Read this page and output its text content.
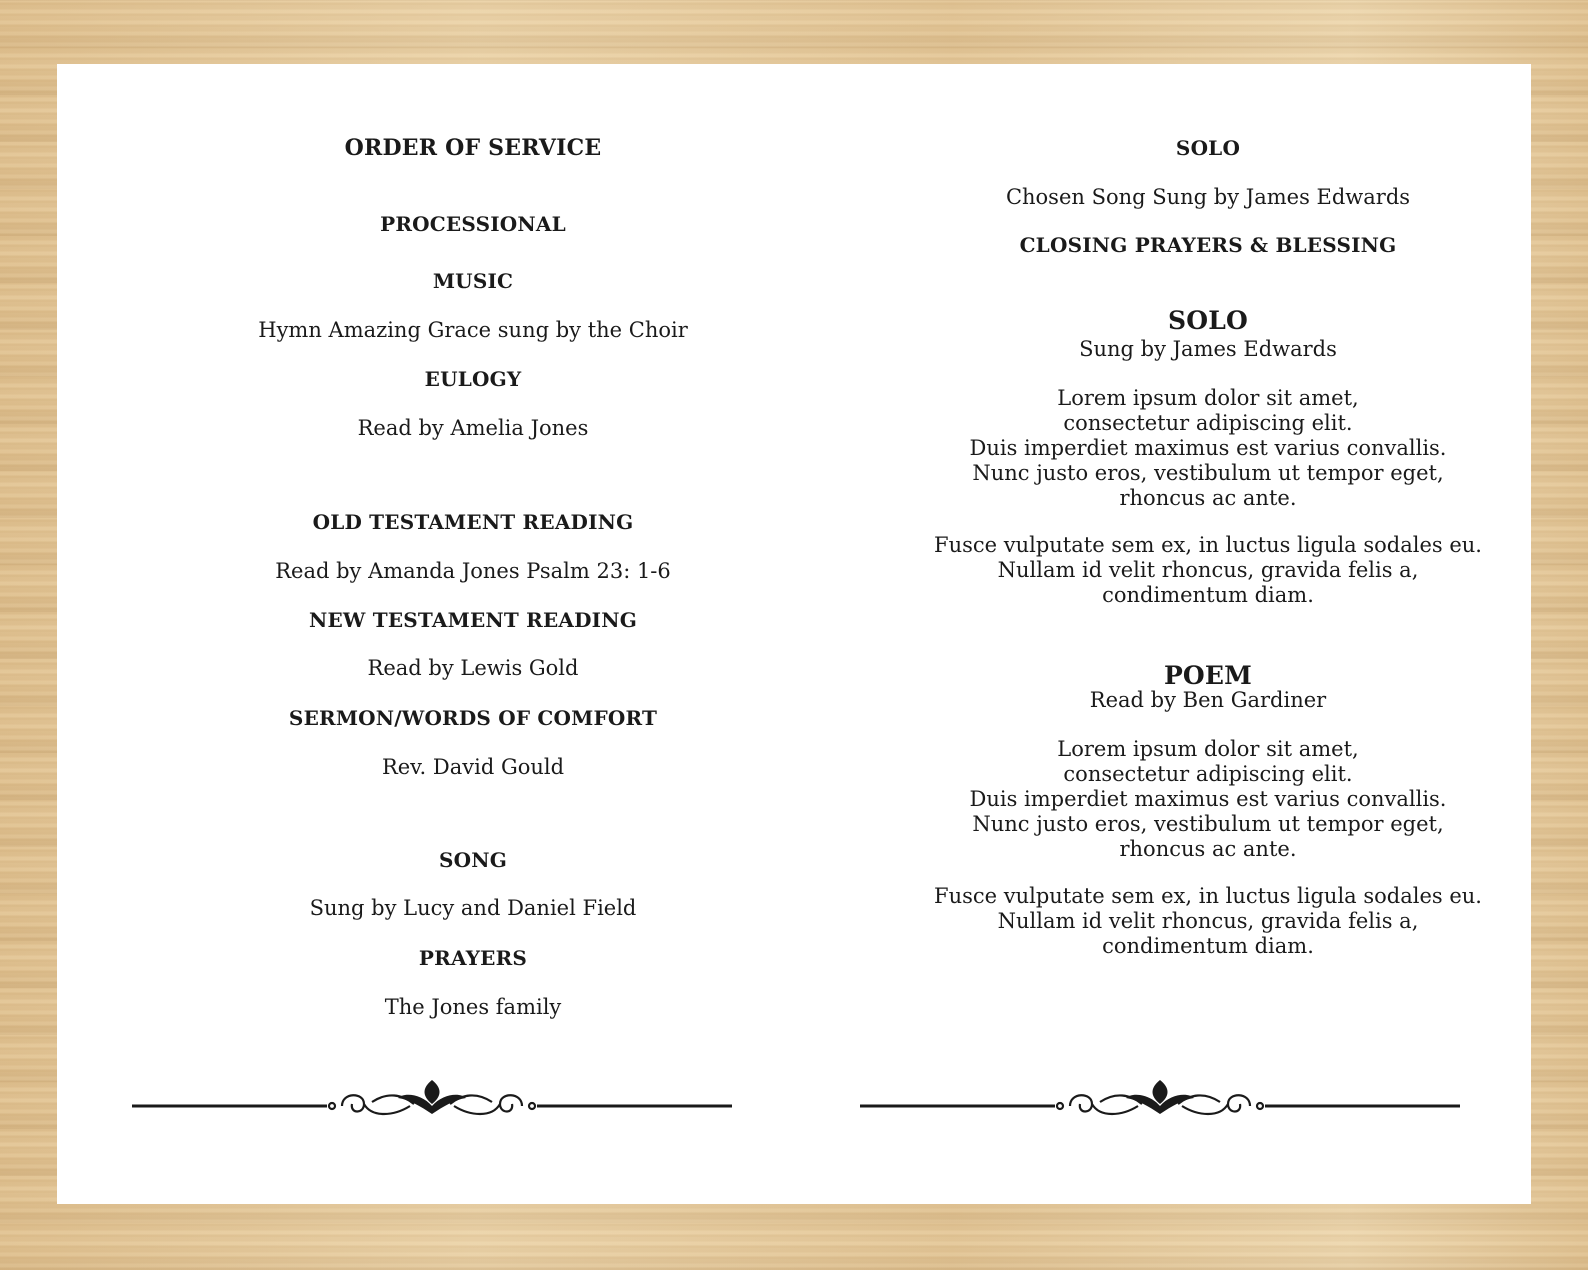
ORDER OF SERVICE
PROCESSIONAL
MUSIC
Hymn Amazing Grace sung by the Choir
EULOGY
Read by Amelia Jones
OLD TESTAMENT READING
Read by Amanda Jones Psalm 23: 1-6
NEW TESTAMENT READING
Read by Lewis Gold
SERMON/WORDS OF COMFORT
Rev. David Gould
SONG
Sung by Lucy and Daniel Field
PRAYERS
The Jones family
SOLO
Chosen Song Sung by James Edwards
CLOSING PRAYERS & BLESSING
SOLO
Sung by James Edwards
Lorem ipsum dolor sit amet,
consectetur adipiscing elit.
Duis imperdiet maximus est varius convallis.
Nunc justo eros, vestibulum ut tempor eget,
rhoncus ac ante.
Fusce vulputate sem ex, in luctus ligula sodales eu.
Nullam id velit rhoncus, gravida felis a,
condimentum diam.
POEM
Read by Ben Gardiner
Lorem ipsum dolor sit amet,
consectetur adipiscing elit.
Duis imperdiet maximus est varius convallis.
Nunc justo eros, vestibulum ut tempor eget,
rhoncus ac ante.
Fusce vulputate sem ex, in luctus ligula sodales eu.
Nullam id velit rhoncus, gravida felis a,
condimentum diam.
